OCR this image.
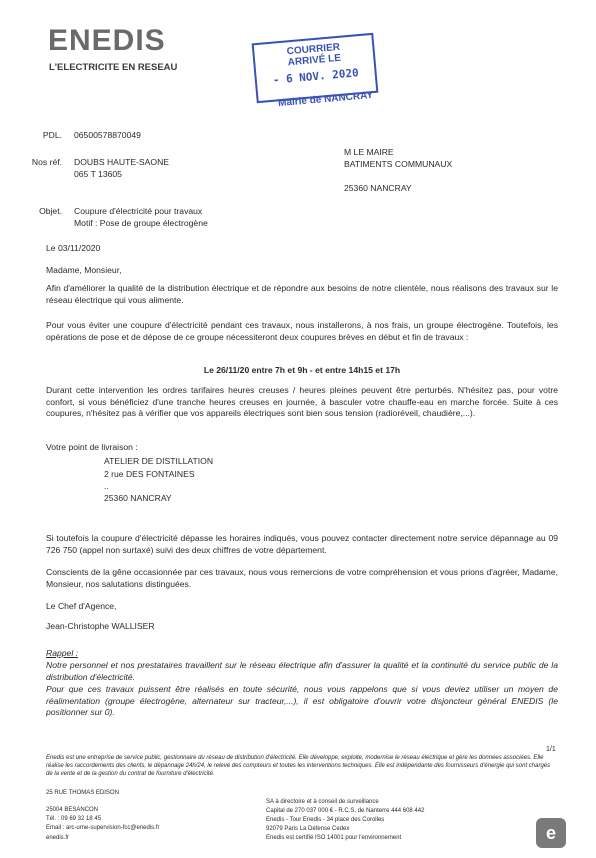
ENEDIS
L'ELECTRICITE EN RESEAU
COURRIER
ARRIVÉ LE
- 6 NOV. 2020
Mairie de NANCRAY
PDL. 06500578870049
Nos réf. DOUBS HAUTE-SAONE
065 T 13605
Objet. Coupure d'électricité pour travaux
Motif : Pose de groupe électrogène
M LE MAIRE
BATIMENTS COMMUNAUX
25360 NANCRAY
Le 03/11/2020
Madame, Monsieur,
Afin d'améliorer la qualité de la distribution électrique et de répondre aux besoins de notre clientèle, nous réalisons des travaux sur le réseau électrique qui vous alimente.
Pour vous éviter une coupure d'électricité pendant ces travaux, nous installerons, à nos frais, un groupe électrogène. Toutefois, les opérations de pose et de dépose de ce groupe nécessiteront deux coupures brèves en début et fin de travaux :
Le 26/11/20 entre 7h et 9h - et entre 14h15 et 17h
Durant cette intervention les ordres tarifaires heures creuses / heures pleines peuvent être perturbés. N'hésitez pas, pour votre confort, si vous bénéficiez d'une tranche heures creuses en journée, à basculer votre chauffe-eau en marche forcée. Suite à ces coupures, n'hésitez pas à vérifier que vos appareils électriques sont bien sous tension (radioréveil, chaudière,...).
Votre point de livraison :
ATELIER DE DISTILLATION
2 rue DES FONTAINES
..
25360 NANCRAY
Si toutefois la coupure d'électricité dépasse les horaires indiqués, vous pouvez contacter directement notre service dépannage au 09 726 750 (appel non surtaxé) suivi des deux chiffres de votre département.
Conscients de la gêne occasionnée par ces travaux, nous vous remercions de votre compréhension et vous prions d'agréer, Madame, Monsieur, nos salutations distinguées.
Le Chef d'Agence,
Jean-Christophe WALLISER
Rappel :
Notre personnel et nos prestataires travaillent sur le réseau électrique afin d'assurer la qualité et la continuité du service public de la distribution d'électricité.
Pour que ces travaux puissent être réalisés en toute sécurité, nous vous rappelons que si vous deviez utiliser un moyen de réalimentation (groupe électrogène, alternateur sur tracteur,...), il est obligatoire d'ouvrir votre disjoncteur général ENEDIS (le positionner sur 0).
1/1
Enedis est une entreprise de service public, gestionnaire du réseau de distribution d'électricité. Elle développe, exploite, modernise le réseau électrique et gère les données associées. Elle réalise les raccordements des clients, le dépannage 24h/24, le relevé des compteurs et toutes les interventions techniques. Elle est indépendante des fournisseurs d'énergie qui sont chargés de la vente et de la gestion du contrat de fourniture d'électricité.
25 RUE THOMAS EDISON
25004 BESANCON
Tél. : 09 69 32 18 45
Email : arc-urne-supervision-fcc@enedis.fr
enedis.fr
SA à directoire et à conseil de surveillance
Capital de 270 037 000 € - R.C.S. de Nanterre 444 608 442
Enedis - Tour Enedis - 34 place des Corolles
92079 Paris La Défense Cedex
Enedis est certifié ISO 14001 pour l'environnement	e
